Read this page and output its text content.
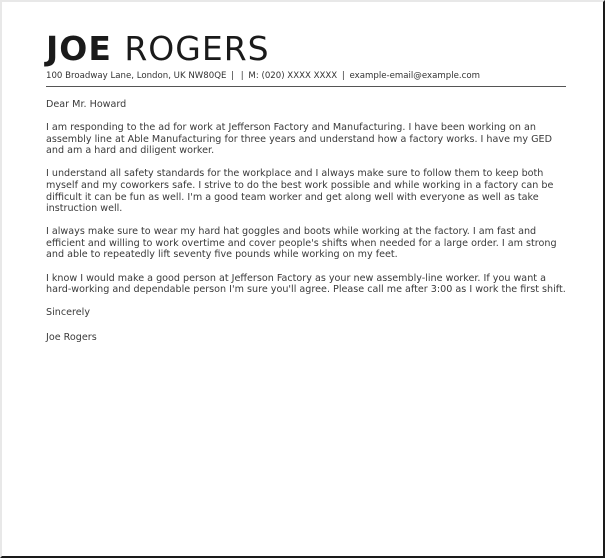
JOE ROGERS
100 Broadway Lane, London, UK NW80QE | | M: (020) XXXX XXXX | example-email@example.com

Dear Mr. Howard

I am responding to the ad for work at Jefferson Factory and Manufacturing. I have been working on an assembly line at Able Manufacturing for three years and understand how a factory works. I have my GED and am a hard and diligent worker.

I understand all safety standards for the workplace and I always make sure to follow them to keep both myself and my coworkers safe. I strive to do the best work possible and while working in a factory can be difficult it can be fun as well. I'm a good team worker and get along well with everyone as well as take instruction well.

I always make sure to wear my hard hat goggles and boots while working at the factory. I am fast and efficient and willing to work overtime and cover people's shifts when needed for a large order. I am strong and able to repeatedly lift seventy five pounds while working on my feet.

I know I would make a good person at Jefferson Factory as your new assembly-line worker. If you want a hard-working and dependable person I'm sure you'll agree. Please call me after 3:00 as I work the first shift.

Sincerely

Joe Rogers
